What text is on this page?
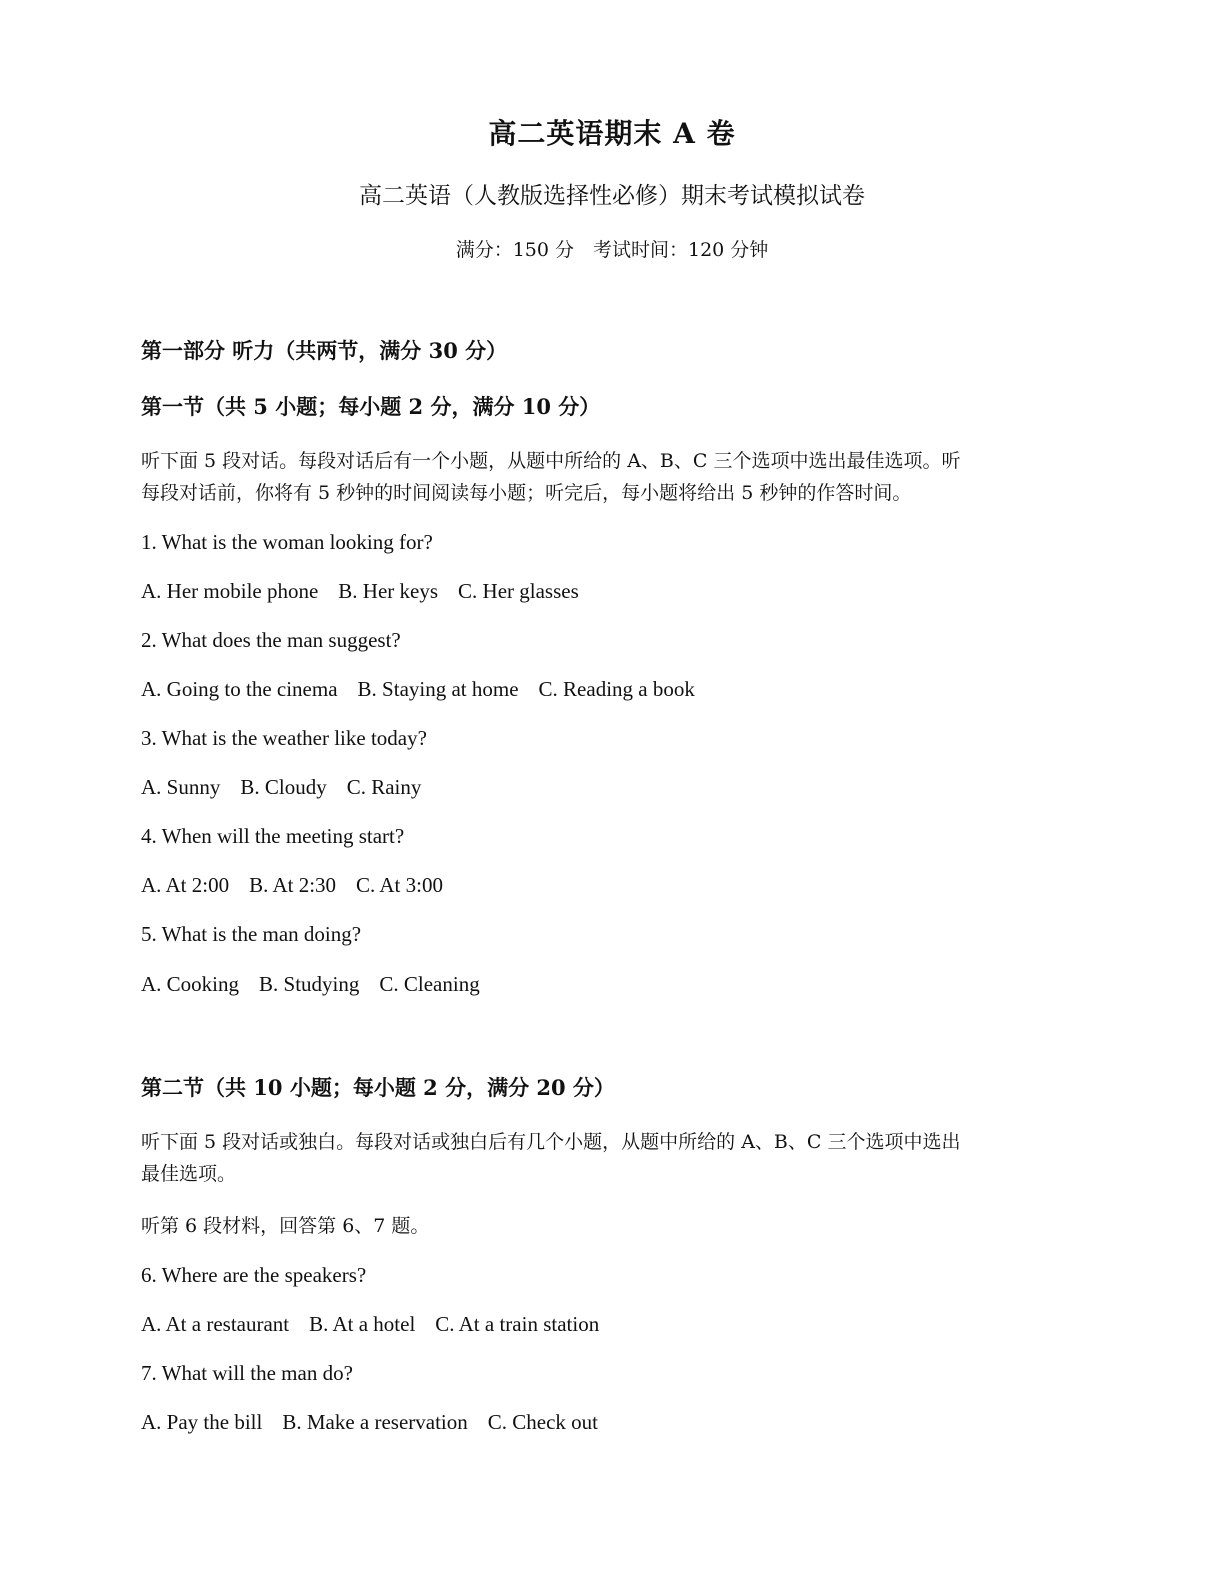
高二英语期末 A 卷
高二英语（人教版选择性必修）期末考试模拟试卷
满分：150 分　考试时间：120 分钟
第一部分 听力（共两节，满分 30 分）
第一节（共 5 小题；每小题 2 分，满分 10 分）
听下面 5 段对话。每段对话后有一个小题，从题中所给的 A、B、C 三个选项中选出最佳选项。听
每段对话前，你将有 5 秒钟的时间阅读每小题；听完后，每小题将给出 5 秒钟的作答时间。
1. What is the woman looking for?
A. Her mobile phone B. Her keys C. Her glasses
2. What does the man suggest?
A. Going to the cinema B. Staying at home C. Reading a book
3. What is the weather like today?
A. Sunny B. Cloudy C. Rainy
4. When will the meeting start?
A. At 2:00 B. At 2:30 C. At 3:00
5. What is the man doing?
A. Cooking B. Studying C. Cleaning
第二节（共 10 小题；每小题 2 分，满分 20 分）
听下面 5 段对话或独白。每段对话或独白后有几个小题，从题中所给的 A、B、C 三个选项中选出
最佳选项。
听第 6 段材料，回答第 6、7 题。
6. Where are the speakers?
A. At a restaurant B. At a hotel C. At a train station
7. What will the man do?
A. Pay the bill B. Make a reservation C. Check out
